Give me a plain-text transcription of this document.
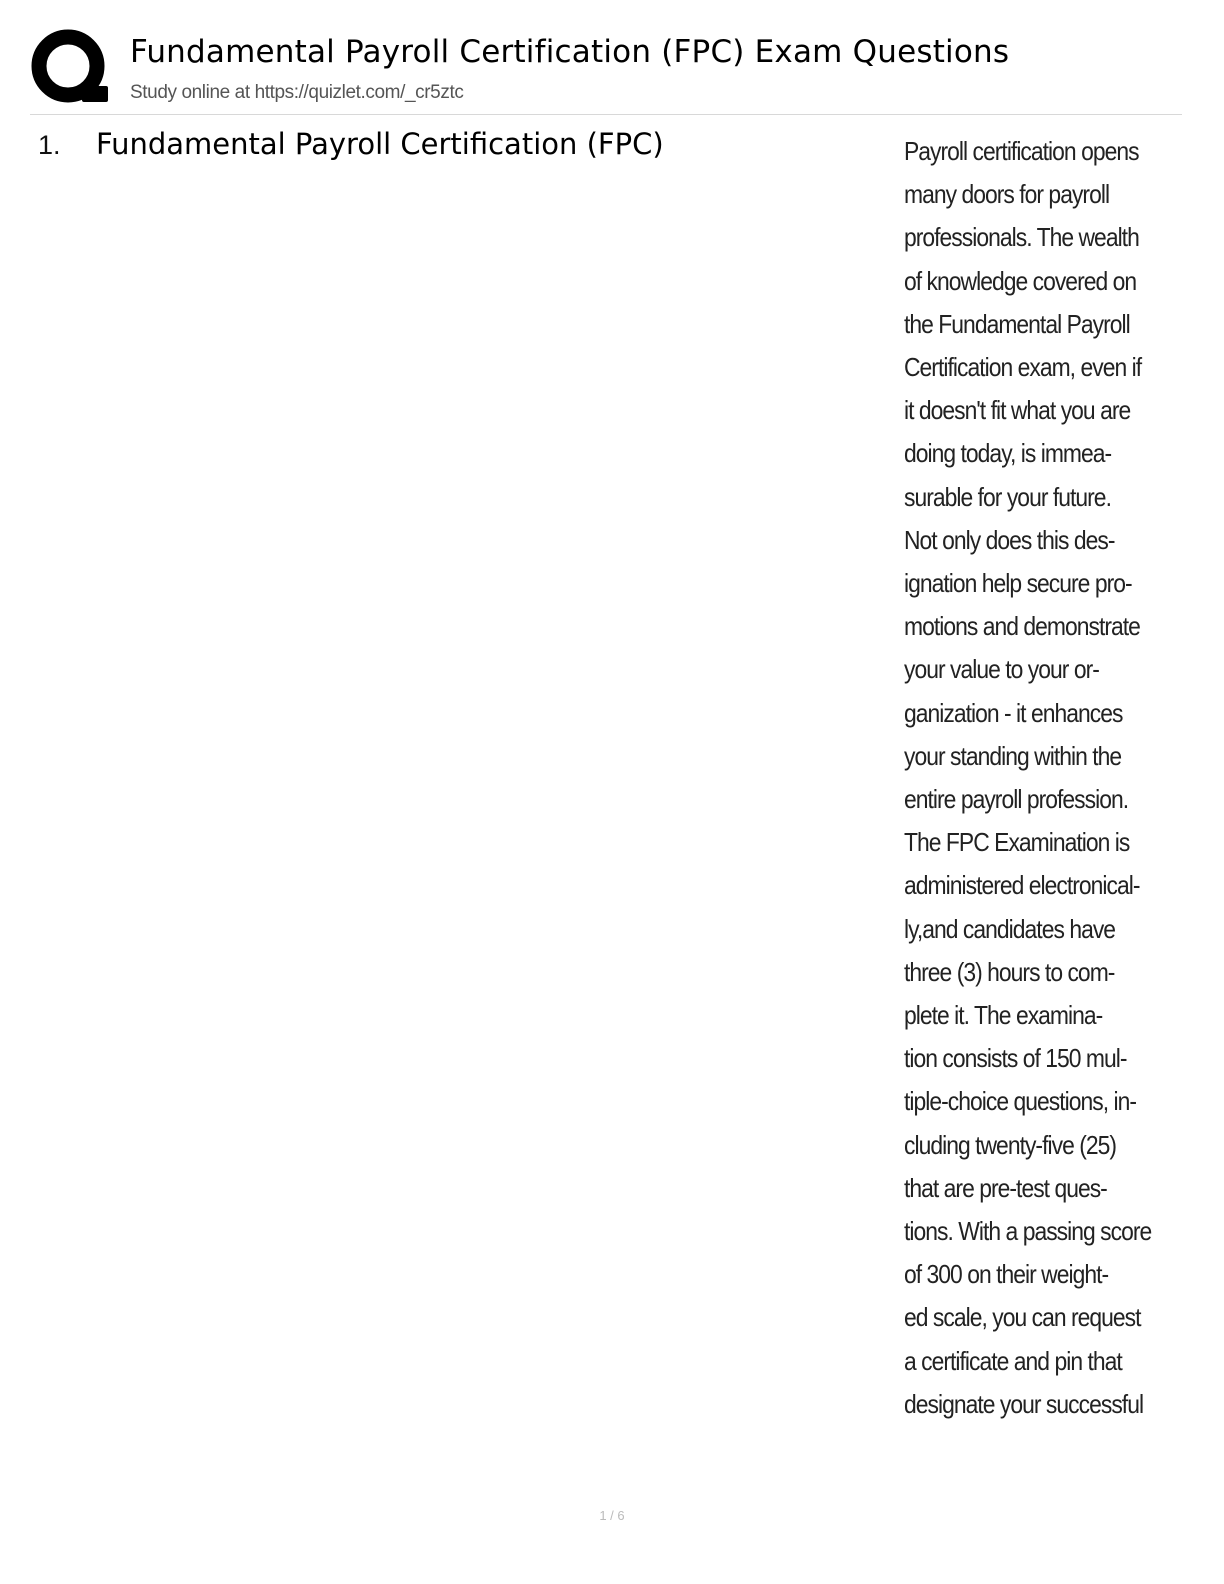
Fundamental Payroll Certification (FPC) Exam Questions
Study online at https://quizlet.com/_cr5ztc
1. Fundamental Payroll Certification (FPC)	Payroll certification opens
many doors for payroll
professionals. The wealth
of knowledge covered on
the Fundamental Payroll
Certification exam, even if
it doesn't fit what you are
doing today, is immea-
surable for your future.
Not only does this des-
ignation help secure pro-
motions and demonstrate
your value to your or-
ganization - it enhances
your standing within the
entire payroll profession.
The FPC Examination is
administered electronical-
ly,and candidates have
three (3) hours to com-
plete it. The examina-
tion consists of 150 mul-
tiple-choice questions, in-
cluding twenty-five (25)
that are pre-test ques-
tions. With a passing score
of 300 on their weight-
ed scale, you can request
a certificate and pin that
designate your successful
1 / 6
